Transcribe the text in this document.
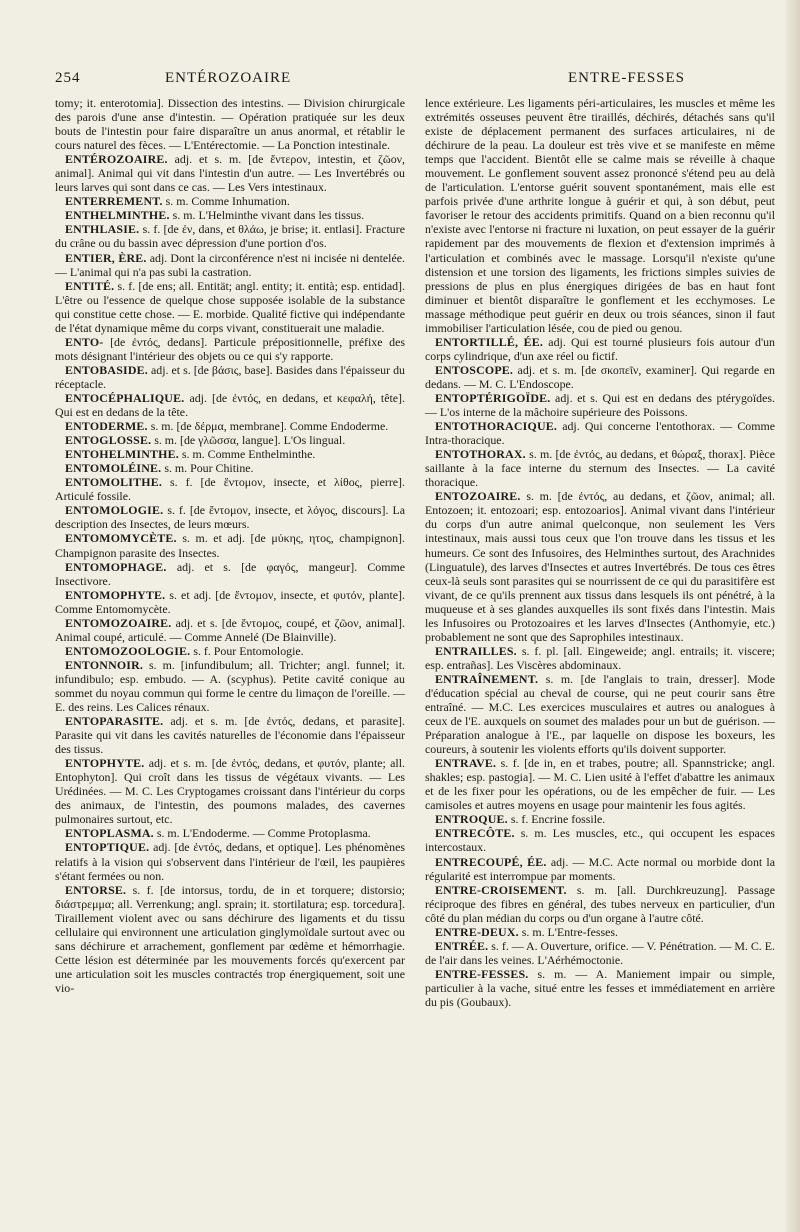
254	ENTÉROZOAIRE	ENTRE-FESSES

tomy; it. enterotomia]. Dissection des intestins. — Division chirurgicale des parois d'une anse d'intestin. — Opération pratiquée sur les deux bouts de l'intestin pour faire disparaître un anus anormal, et rétablir le cours naturel des fèces. — L'Entérectomie. — La Ponction intestinale.

ENTÉROZOAIRE. adj. et s. m. [de ἔντερον, intestin, et ζῶον, animal]. Animal qui vit dans l'intestin d'un autre. — Les Invertébrés ou leurs larves qui sont dans ce cas. — Les Vers intestinaux.

ENTERREMENT. s. m. Comme Inhumation.

ENTHELMINTHE. s. m. L'Helminthe vivant dans les tissus.

ENTHLASIE. s. f. [de ἐν, dans, et θλάω, je brise; it. entlasi]. Fracture du crâne ou du bassin avec dépression d'une portion d'os.

ENTIER, ÈRE. adj. Dont la circonférence n'est ni incisée ni dentelée. — L'animal qui n'a pas subi la castration.

ENTITÉ. s. f. [de ens; all. Entität; angl. entity; it. entità; esp. entidad]. L'être ou l'essence de quelque chose supposée isolable de la substance qui constitue cette chose. — E. morbide. Qualité fictive qui indépendante de l'état dynamique même du corps vivant, constituerait une maladie.

ENTO- [de ἐντός, dedans]. Particule prépositionnelle, préfixe des mots désignant l'intérieur des objets ou ce qui s'y rapporte.

ENTOBASIDE. adj. et s. [de βάσις, base]. Basides dans l'épaisseur du réceptacle.

ENTOCÉPHALIQUE. adj. [de ἐντός, en dedans, et κεφαλή, tête]. Qui est en dedans de la tête.

ENTODERME. s. m. [de δέρμα, membrane]. Comme Endoderme.

ENTOGLOSSE. s. m. [de γλῶσσα, langue]. L'Os lingual.

ENTOHELMINTHE. s. m. Comme Enthelminthe.

ENTOMOLÉINE. s. m. Pour Chitine.

ENTOMOLITHE. s. f. [de ἔντομον, insecte, et λίθος, pierre]. Articulé fossile.

ENTOMOLOGIE. s. f. [de ἔντομον, insecte, et λόγος, discours]. La description des Insectes, de leurs mœurs.

ENTOMOMYCÈTE. s. m. et adj. [de μύκης, ητος, champignon]. Champignon parasite des Insectes.

ENTOMOPHAGE. adj. et s. [de φαγός, mangeur]. Comme Insectivore.

ENTOMOPHYTE. s. et adj. [de ἔντομον, insecte, et φυτόν, plante]. Comme Entomomycète.

ENTOMOZOAIRE. adj. et s. [de ἔντομος, coupé, et ζῶον, animal]. Animal coupé, articulé. — Comme Annelé (De Blainville).

ENTOMOZOOLOGIE. s. f. Pour Entomologie.

ENTONNOIR. s. m. [infundibulum; all. Trichter; angl. funnel; it. infundibulo; esp. embudo. — A. (scyphus). Petite cavité conique au sommet du noyau commun qui forme le centre du limaçon de l'oreille. — E. des reins. Les Calices rénaux.

ENTOPARASITE. adj. et s. m. [de ἐντός, dedans, et parasite]. Parasite qui vit dans les cavités naturelles de l'économie dans l'épaisseur des tissus.

ENTOPHYTE. adj. et s. m. [de ἐντός, dedans, et φυτόν, plante; all. Entophyton]. Qui croît dans les tissus de végétaux vivants. — Les Urédinées. — M. C. Les Cryptogames croissant dans l'intérieur du corps des animaux, de l'intestin, des poumons malades, des cavernes pulmonaires surtout, etc.

ENTOPLASMA. s. m. L'Endoderme. — Comme Protoplasma.

ENTOPTIQUE. adj. [de ἐντός, dedans, et optique]. Les phénomènes relatifs à la vision qui s'observent dans l'intérieur de l'œil, les paupières s'étant fermées ou non.

ENTORSE. s. f. [de intorsus, tordu, de in et torquere; distorsio; διάστρεμμα; all. Verrenkung; angl. sprain; it. stortilatura; esp. torcedura]. Tiraillement violent avec ou sans déchirure des ligaments et du tissu cellulaire qui environnent une articulation ginglymoïdale surtout avec ou sans déchirure et arrachement, gonflement par œdème et hémorrhagie. Cette lésion est déterminée par les mouvements forcés qu'exercent par une articulation soit les muscles contractés trop énergiquement, soit une vio-

lence extérieure. Les ligaments péri-articulaires, les muscles et même les extrémités osseuses peuvent être tiraillés, déchirés, détachés sans qu'il existe de déplacement permanent des surfaces articulaires, ni de déchirure de la peau. La douleur est très vive et se manifeste en même temps que l'accident. Bientôt elle se calme mais se réveille à chaque mouvement. Le gonflement souvent assez prononcé s'étend peu au delà de l'articulation. L'entorse guérit souvent spontanément, mais elle est parfois privée d'une arthrite longue à guérir et qui, à son début, peut favoriser le retour des accidents primitifs. Quand on a bien reconnu qu'il n'existe avec l'entorse ni fracture ni luxation, on peut essayer de la guérir rapidement par des mouvements de flexion et d'extension imprimés à l'articulation et combinés avec le massage. Lorsqu'il n'existe qu'une distension et une torsion des ligaments, les frictions simples suivies de pressions de plus en plus énergiques dirigées de bas en haut font diminuer et bientôt disparaître le gonflement et les ecchymoses. Le massage méthodique peut guérir en deux ou trois séances, sinon il faut immobiliser l'articulation lésée, cou de pied ou genou.

ENTORTILLÉ, ÉE. adj. Qui est tourné plusieurs fois autour d'un corps cylindrique, d'un axe réel ou fictif.

ENTOSCOPE. adj. et s. m. [de σκοπεῖν, examiner]. Qui regarde en dedans. — M. C. L'Endoscope.

ENTOPTÉRIGOÏDE. adj. et s. Qui est en dedans des ptérygoïdes. — L'os interne de la mâchoire supérieure des Poissons.

ENTOTHORACIQUE. adj. Qui concerne l'entothorax. — Comme Intra-thoracique.

ENTOTHORAX. s. m. [de ἐντός, au dedans, et θώραξ, thorax]. Pièce saillante à la face interne du sternum des Insectes. — La cavité thoracique.

ENTOZOAIRE. s. m. [de ἐντός, au dedans, et ζῶον, animal; all. Entozoen; it. entozoari; esp. entozoarios]. Animal vivant dans l'intérieur du corps d'un autre animal quelconque, non seulement les Vers intestinaux, mais aussi tous ceux que l'on trouve dans les tissus et les humeurs. Ce sont des Infusoires, des Helminthes surtout, des Arachnides (Linguatule), des larves d'Insectes et autres Invertébrés. De tous ces êtres ceux-là seuls sont parasites qui se nourrissent de ce qui du parasitifère est vivant, de ce qu'ils prennent aux tissus dans lesquels ils ont pénétré, à la muqueuse et à ses glandes auxquelles ils sont fixés dans l'intestin. Mais les Infusoires ou Protozoaires et les larves d'Insectes (Anthomyie, etc.) probablement ne sont que des Saprophiles intestinaux.

ENTRAILLES. s. f. pl. [all. Eingeweide; angl. entrails; it. viscere; esp. entrañas]. Les Viscères abdominaux.

ENTRAÎNEMENT. s. m. [de l'anglais to train, dresser]. Mode d'éducation spécial au cheval de course, qui ne peut courir sans être entraîné. — M.C. Les exercices musculaires et autres ou analogues à ceux de l'E. auxquels on soumet des malades pour un but de guérison. — Préparation analogue à l'E., par laquelle on dispose les boxeurs, les coureurs, à soutenir les violents efforts qu'ils doivent supporter.

ENTRAVE. s. f. [de in, en et trabes, poutre; all. Spannstricke; angl. shakles; esp. pastogia]. — M. C. Lien usité à l'effet d'abattre les animaux et de les fixer pour les opérations, ou de les empêcher de fuir. — Les camisoles et autres moyens en usage pour maintenir les fous agités.

ENTROQUE. s. f. Encrine fossile.

ENTRECÔTE. s. m. Les muscles, etc., qui occupent les espaces intercostaux.

ENTRECOUPÉ, ÉE. adj. — M.C. Acte normal ou morbide dont la régularité est interrompue par moments.

ENTRE-CROISEMENT. s. m. [all. Durchkreuzung]. Passage réciproque des fibres en général, des tubes nerveux en particulier, d'un côté du plan médian du corps ou d'un organe à l'autre côté.

ENTRE-DEUX. s. m. L'Entre-fesses.

ENTRÉE. s. f. — A. Ouverture, orifice. — V. Pénétration. — M. C. E. de l'air dans les veines. L'Aérhémoctonie.

ENTRE-FESSES. s. m. — A. Maniement impair ou simple, particulier à la vache, situé entre les fesses et immédiatement en arrière du pis (Goubaux).
